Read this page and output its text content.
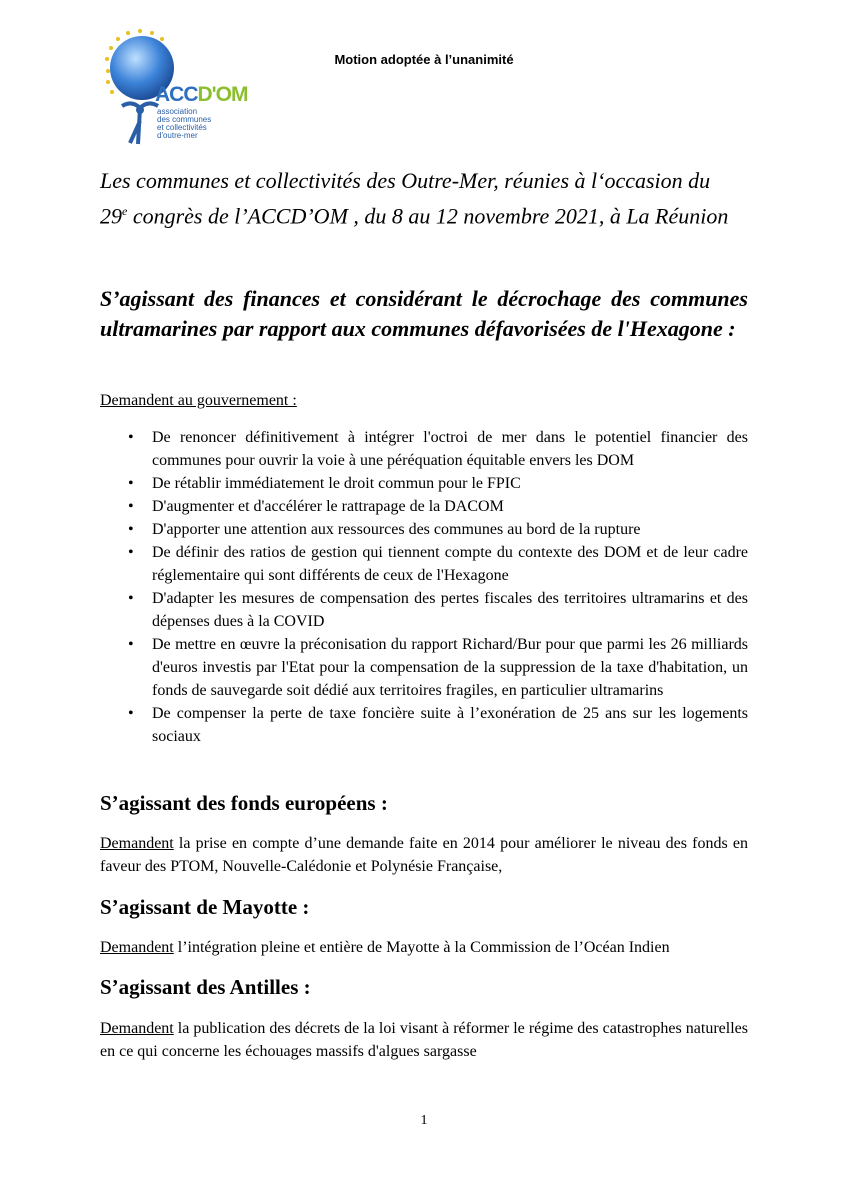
Motion adoptée à l’unanimité
ACCD'OM
association
des communes
et collectivités
d'outre-mer
Les communes et collectivités des Outre-Mer, réunies à l‘occasion du
29e congrès de l’ACCD’OM , du 8 au 12 novembre 2021, à La Réunion
S’agissant des finances et considérant le décrochage des communes ultramarines par rapport aux communes défavorisées de l'Hexagone :
Demandent au gouvernement :
• De renoncer définitivement à intégrer l'octroi de mer dans le potentiel financier des communes pour ouvrir la voie à une péréquation équitable envers les DOM
• De rétablir immédiatement le droit commun pour le FPIC
• D'augmenter et d'accélérer le rattrapage de la DACOM
• D'apporter une attention aux ressources des communes au bord de la rupture
• De définir des ratios de gestion qui tiennent compte du contexte des DOM et de leur cadre réglementaire qui sont différents de ceux de l'Hexagone
• D'adapter les mesures de compensation des pertes fiscales des territoires ultramarins et des dépenses dues à la COVID
• De mettre en œuvre la préconisation du rapport Richard/Bur pour que parmi les 26 milliards d'euros investis par l'Etat pour la compensation de la suppression de la taxe d'habitation, un fonds de sauvegarde soit dédié aux territoires fragiles, en particulier ultramarins
• De compenser la perte de taxe foncière suite à l’exonération de 25 ans sur les logements sociaux
S’agissant des fonds européens :
Demandent la prise en compte d’une demande faite en 2014 pour améliorer le niveau des fonds en faveur des PTOM, Nouvelle-Calédonie et Polynésie Française,
S’agissant de Mayotte :
Demandent l’intégration pleine et entière de Mayotte à la Commission de l’Océan Indien
S’agissant des Antilles :
Demandent la publication des décrets de la loi visant à réformer le régime des catastrophes naturelles en ce qui concerne les échouages massifs d'algues sargasse
1
